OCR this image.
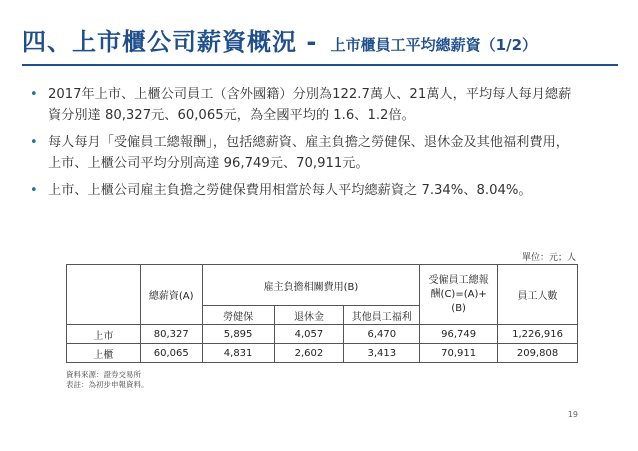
四、上市櫃公司薪資概況 - 上市櫃員工平均總薪資（1/2）
• 2017年上市、上櫃公司員工（含外國籍）分別為122.7萬人、21萬人，平均每人每月總薪資分別達 80,327元、60,065元，為全國平均的 1.6、1.2倍。
• 每人每月「受僱員工總報酬」，包括總薪資、雇主負擔之勞健保、退休金及其他福利費用，上市、上櫃公司平均分別高達 96,749元、70,911元。
• 上市、上櫃公司雇主負擔之勞健保費用相當於每人平均總薪資之 7.34%、8.04%。
單位：元；人
	總薪資(A)	雇主負擔相關費用(B)			受僱員工總報酬(C)=(A)+(B)	員工人數
		勞健保	退休金	其他員工福利		
上市	80,327	5,895	4,057	6,470	96,749	1,226,916
上櫃	60,065	4,831	2,602	3,413	70,911	209,808
資料來源：證券交易所
表註：為初步申報資料。
19
